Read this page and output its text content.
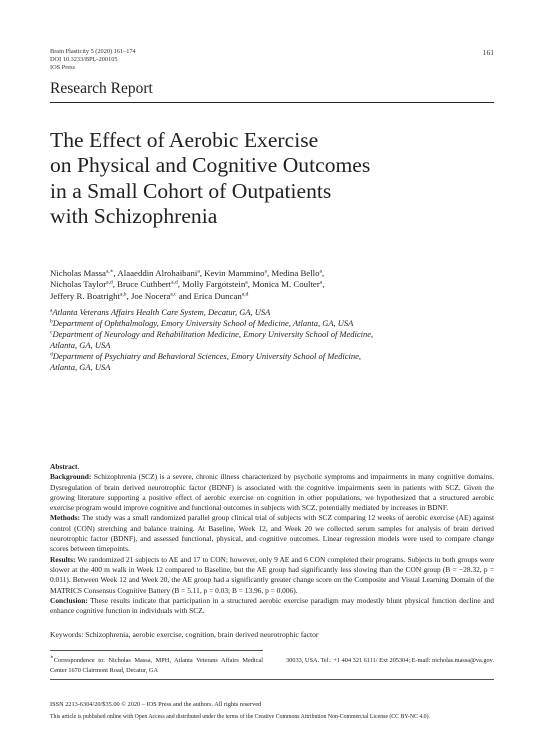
Brain Plasticity 5 (2020) 161–174
DOI 10.3233/BPL-200105
IOS Press
161
Research Report
The Effect of Aerobic Exercise
on Physical and Cognitive Outcomes
in a Small Cohort of Outpatients
with Schizophrenia
Nicholas Massa$^{a,∗}$, Alaaeddin Alrohaibani$^a$, Kevin Mammino$^a$, Medina Bello$^a$,
Nicholas Taylor$^{a,d}$, Bruce Cuthbert$^{a,d}$, Molly Fargotstein$^a$, Monica M. Coulter$^a$,
Jeffery R. Boatright$^{a,b}$, Joe Nocera$^{a,c}$ and Erica Duncan$^{a,d}$
$^a$Atlanta Veterans Affairs Health Care System, Decatur, GA, USA
$^b$Department of Ophthalmology, Emory University School of Medicine, Atlanta, GA, USA
$^c$Department of Neurology and Rehabilitation Medicine, Emory University School of Medicine,
Atlanta, GA, USA
$^d$Department of Psychiatry and Behavioral Sciences, Emory University School of Medicine,
Atlanta, GA, USA

Abstract.

Background: Schizophrenia (SCZ) is a severe, chronic illness characterized by psychotic symptoms and impairments in many cognitive domains. Dysregulation of brain derived neurotrophic factor (BDNF) is associated with the cognitive impairments seen in patients with SCZ. Given the growing literature supporting a positive effect of aerobic exercise on cognition in other populations, we hypothesized that a structured aerobic exercise program would improve cognitive and functional outcomes in subjects with SCZ, potentially mediated by increases in BDNF.

Methods: The study was a small randomized parallel group clinical trial of subjects with SCZ comparing 12 weeks of aerobic exercise (AE) against control (CON) stretching and balance training. At Baseline, Week 12, and Week 20 we collected serum samples for analysis of brain derived neurotrophic factor (BDNF), and assessed functional, physical, and cognitive outcomes. Linear regression models were used to compare change scores between timepoints.

Results: We randomized 21 subjects to AE and 17 to CON; however, only 9 AE and 6 CON completed their programs. Subjects in both groups were slower at the 400 m walk in Week 12 compared to Baseline, but the AE group had significantly less slowing than the CON group (B = −28.32, p = 0.011). Between Week 12 and Week 20, the AE group had a significantly greater change score on the Composite and Visual Learning Domain of the MATRICS Consensus Cognitive Battery (B = 5.11, p = 0.03; B = 13.96, p = 0.006).

Conclusion: These results indicate that participation in a structured aerobic exercise paradigm may modestly blunt physical function decline and enhance cognitive function in individuals with SCZ.

Keywords: Schizophrenia, aerobic exercise, cognition, brain derived neurotrophic factor
∗Correspondence to: Nicholas Massa, MPH, Atlanta Veterans Affairs Medical Center 1670 Clairmont Road, Decatur, GA
30033, USA. Tel.: +1 404 321 6111/ Ext 205304; E-mail: nicholas.massa@va.gov.
ISSN 2213-6304/20/$35.00 © 2020 – IOS Press and the authors. All rights reserved
This article is published online with Open Access and distributed under the terms of the Creative Commons Attribution Non-Commercial License (CC BY-NC 4.0).
